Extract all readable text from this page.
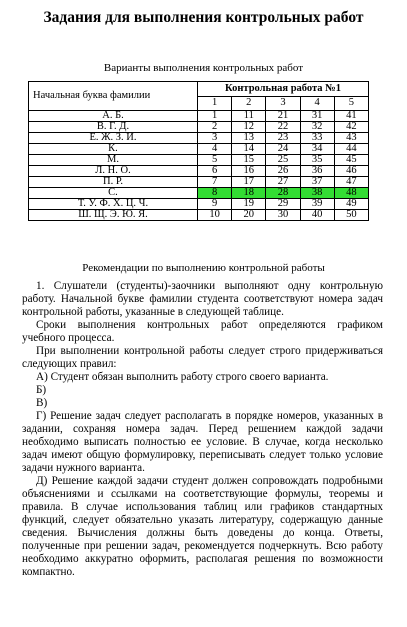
Задания для выполнения контрольных работ
Варианты выполнения контрольных работ
Начальная буква фамилии	Контрольная работа №1				
	1	2	3	4	5
А. Б.	1	11	21	31	41
В. Г. Д.	2	12	22	32	42
Е. Ж. З. И.	3	13	23	33	43
К.	4	14	24	34	44
М.	5	15	25	35	45
Л. Н. О.	6	16	26	36	46
П. Р.	7	17	27	37	47
С.	8	18	28	38	48
Т. У. Ф. Х. Ц. Ч.	9	19	29	39	49
Ш. Щ. Э. Ю. Я.	10	20	30	40	50
Рекомендации по выполнению контрольной работы

1. Слушатели (студенты)-заочники выполняют одну контрольную работу. Начальной букве фамилии студента соответствуют номера задач контрольной работы, указанные в следующей таблице.

Сроки выполнения контрольных работ определяются графиком учебного процесса.

При выполнении контрольной работы следует строго придерживаться следующих правил:

А) Студент обязан выполнить работу строго своего варианта.

Б)

В)

Г) Решение задач следует располагать в порядке номеров, указанных в задании, сохраняя номера задач. Перед решением каждой задачи необходимо выписать полностью ее условие. В случае, когда несколько задач имеют общую формулировку, переписывать следует только условие задачи нужного варианта.

Д) Решение каждой задачи студент должен сопровождать подробными объяснениями и ссылками на соответствующие формулы, теоремы и правила. В случае использования таблиц или графиков стандартных функций, следует обязательно указать литературу, содержащую данные сведения. Вычисления должны быть доведены до конца. Ответы, полученные при решении задач, рекомендуется подчеркнуть. Всю работу необходимо аккуратно оформить, располагая решения по возможности компактно.
